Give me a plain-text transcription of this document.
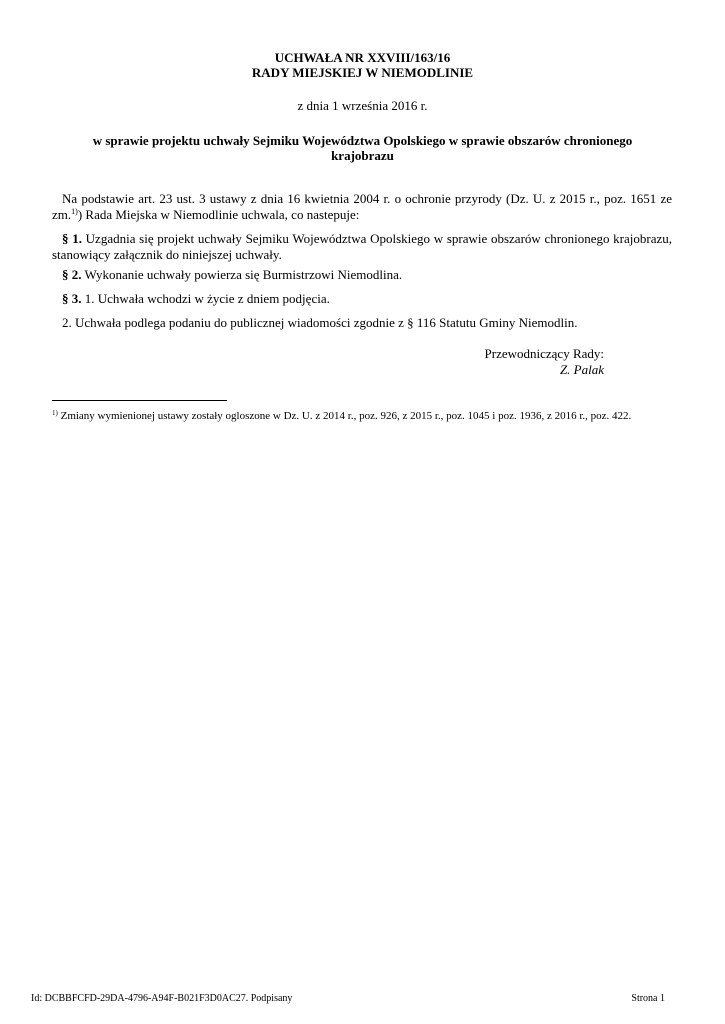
UCHWAŁA NR XXVIII/163/16
RADY MIEJSKIEJ W NIEMODLINIE
z dnia 1 września 2016 r.
w sprawie projektu uchwały Sejmiku Województwa Opolskiego w sprawie obszarów chronionego krajobrazu

Na podstawie art. 23 ust. 3 ustawy z dnia 16 kwietnia 2004 r. o ochronie przyrody (Dz. U. z 2015 r., poz. 1651 ze zm.$^{1)}$) Rada Miejska w Niemodlinie uchwala, co nastepuje:

§ 1. Uzgadnia się projekt uchwały Sejmiku Województwa Opolskiego w sprawie obszarów chronionego krajobrazu, stanowiący załącznik do niniejszej uchwały.

§ 2. Wykonanie uchwały powierza się Burmistrzowi Niemodlina.

§ 3. 1. Uchwała wchodzi w życie z dniem podjęcia.

2. Uchwała podlega podaniu do publicznej wiadomości zgodnie z § 116 Statutu Gminy Niemodlin.

Przewodniczący Rady:
Z. Palak
$^{1)}$ Zmiany wymienionej ustawy zostały ogloszone w Dz. U. z 2014 r., poz. 926, z 2015 r., poz. 1045 i poz. 1936, z 2016 r., poz. 422.
Id: DCBBFCFD-29DA-4796-A94F-B021F3D0AC27. Podpisany	Strona 1
